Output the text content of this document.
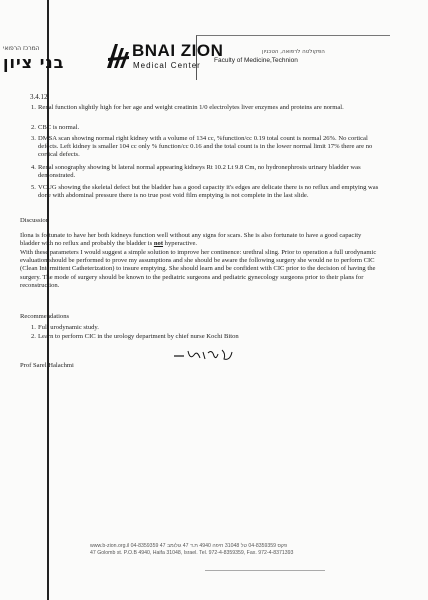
המרכז הרפואי
בני ציון
BNAI ZION
Medical Center
הפקולטה לרפואה, הטכניון
Faculty of Medicine,Technion
3.4.12
1. Renal function slightly high for her age and weight creatinin 1/0 electrolytes liver enzymes and proteins are normal.
2. CBC is normal.
3. DMSA scan showing normal right kidney with a volume of 134 cc, %function/cc 0.19 total count is normal 26%. No cortical defects. Left kidney is smaller 104 cc only % function/cc 0.16 and the total count is in the lower normal limit 17% there are no cortical defects.
4. Renal sonography showing bi lateral normal appearing kidneys Rt 10.2 Lt 9.8 Cm, no hydronephrosis urinary bladder was demonstrated.
5. VCUG showing the skeletal defect but the bladder has a good capacity it's edges are delicate there is no reflux and emptying was done with abdominal pressure there is no true post void film emptying is not complete in the last slide.
Discussion
Ilona is fortunate to have her both kidneys function well without any signs for scars. She is also fortunate to have a good capacity bladder with no reflux and probably the bladder is not hyperactive.
With these parameters I would suggest a simple solution to improve her continence: urethral sling. Prior to operation a full urodynamic evaluation should be performed to prove my assumptions and she should be aware the following surgery she would ne to perform CIC (Clean Intermittent Catheterization) to insure emptying. She should learn and be confident with CIC prior to the decision of having the surgery. The mode of surgery should be known to the pediatric surgeons and pediatric gynecology surgeons prior to their plans for reconstruction.
Recommendations
1. Full urodynamic study.
2. Learn to perform CIC in the urology department by chief nurse Kochi Biton
Prof Sarel Halachmi
www.b-zion.org.il 04-8359359 פקס 04-8359359 טל 31048 חיפה 4940 ת.ד 47 גולומב 47
47 Golomb st. P.O.B 4940, Haifa 31048, Israel. Tel. 972-4-8359359, Fax. 972-4-8371393
